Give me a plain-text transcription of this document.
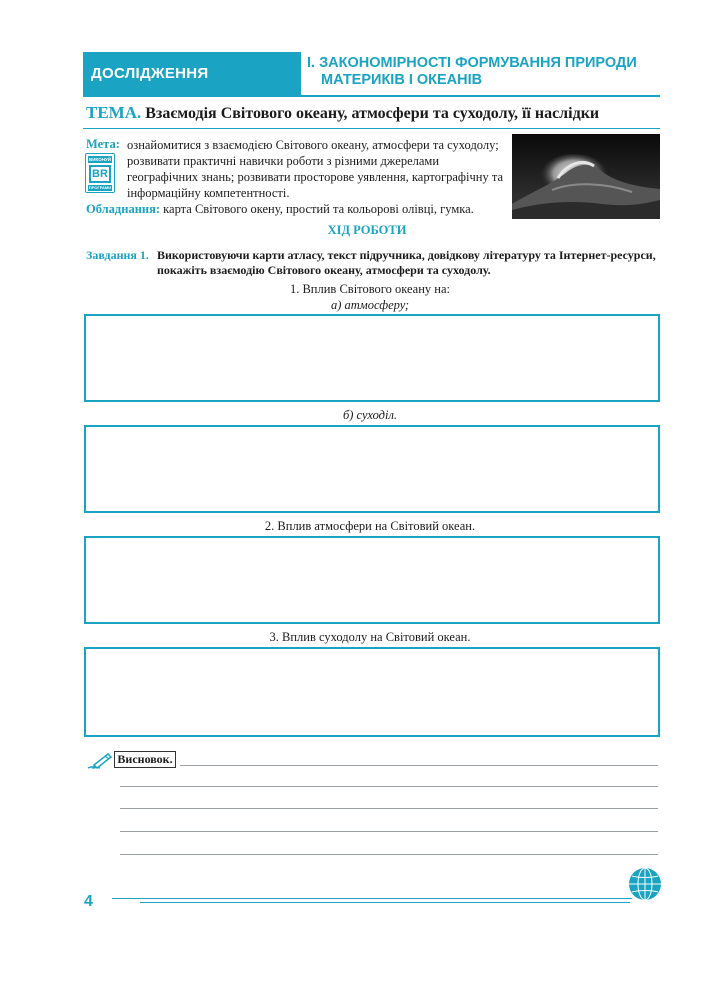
ДОСЛІДЖЕННЯ
І. ЗАКОНОМІРНОСТІ ФОРМУВАННЯ ПРИРОДИ
МАТЕРИКІВ І ОКЕАНІВ
ТЕМА. Взаємодія Світового океану, атмосфери та суходолу, її наслідки
Мета:
ВИКОНУЙ
BR
ПРОГРАМИ
ознайомитися з взаємодією Світового океану, атмосфери та суходолу; розвивати практичні навички роботи з різними джерелами географічних знань; розвивати просторове уявлення, картографічну та інформаційну компетентності.
Обладнання: карта Світового окену, простий та кольорові олівці, гумка.
ХІД РОБОТИ
Завдання 1. Використовуючи карти атласу, текст підручника, довідкову літературу та Інтернет-ресурси, покажіть взаємодію Світового океану, атмосфери та суходолу.
1. Вплив Світового океану на:
а) атмосферу;
б) суходіл.
2. Вплив атмосфери на Світовий океан.
3. Вплив суходолу на Світовий океан.
Висновок.
4
